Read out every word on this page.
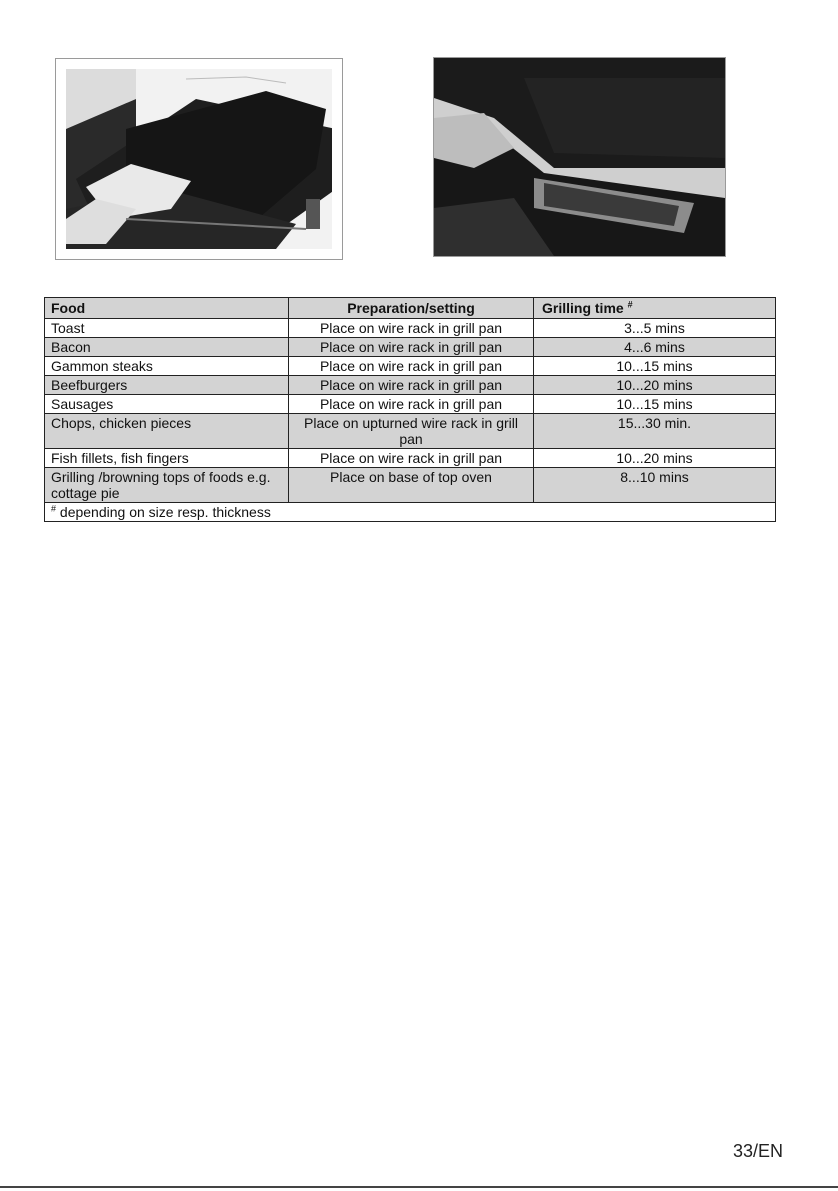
Food	Preparation/setting	Grilling time #
Toast	Place on wire rack in grill pan	3...5 mins
Bacon	Place on wire rack in grill pan	4...6 mins
Gammon steaks	Place on wire rack in grill pan	10...15 mins
Beefburgers	Place on wire rack in grill pan	10...20 mins
Sausages	Place on wire rack in grill pan	10...15 mins
Chops, chicken pieces	Place on upturned wire rack in grill pan	15...30 min.
Fish fillets, fish fingers	Place on wire rack in grill pan	10...20 mins
Grilling /browning tops of foods e.g. cottage pie	Place on base of top oven	8...10 mins
# depending on size resp. thickness		
33/EN
